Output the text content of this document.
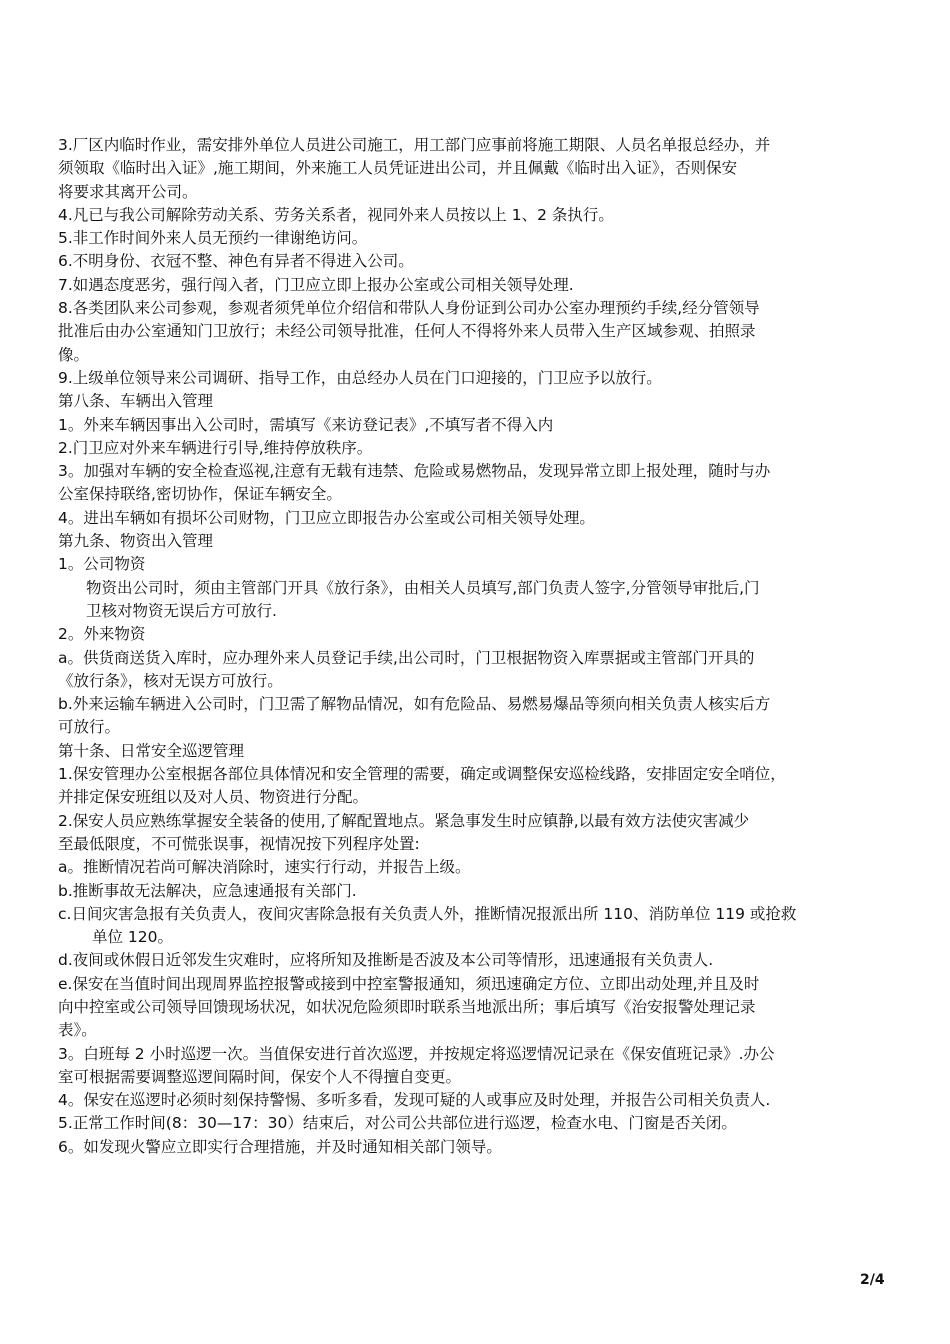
3.厂区内临时作业，需安排外单位人员进公司施工，用工部门应事前将施工期限、人员名单报总经办，并
须领取《临时出入证》,施工期间，外来施工人员凭证进出公司，并且佩戴《临时出入证》，否则保安
将要求其离开公司。
4.凡已与我公司解除劳动关系、劳务关系者，视同外来人员按以上 1、2 条执行。
5.非工作时间外来人员无预约一律谢绝访问。
6.不明身份、衣冠不整、神色有异者不得进入公司。
7.如遇态度恶劣，强行闯入者，门卫应立即上报办公室或公司相关领导处理.
8.各类团队来公司参观，参观者须凭单位介绍信和带队人身份证到公司办公室办理预约手续,经分管领导
批准后由办公室通知门卫放行；未经公司领导批准，任何人不得将外来人员带入生产区域参观、拍照录
像。
9.上级单位领导来公司调研、指导工作，由总经办人员在门口迎接的，门卫应予以放行。
第八条、车辆出入管理
1。外来车辆因事出入公司时，需填写《来访登记表》,不填写者不得入内
2.门卫应对外来车辆进行引导,维持停放秩序。
3。加强对车辆的安全检查巡视,注意有无载有违禁、危险或易燃物品，发现异常立即上报处理，随时与办
公室保持联络,密切协作，保证车辆安全。
4。进出车辆如有损坏公司财物，门卫应立即报告办公室或公司相关领导处理。
第九条、物资出入管理
1。公司物资
物资出公司时，须由主管部门开具《放行条》，由相关人员填写,部门负责人签字,分管领导审批后,门
卫核对物资无误后方可放行.
2。外来物资
a。供货商送货入库时，应办理外来人员登记手续,出公司时，门卫根据物资入库票据或主管部门开具的
《放行条》，核对无误方可放行。
b.外来运输车辆进入公司时，门卫需了解物品情况，如有危险品、易燃易爆品等须向相关负责人核实后方
可放行。
第十条、日常安全巡逻管理
1.保安管理办公室根据各部位具体情况和安全管理的需要，确定或调整保安巡检线路，安排固定安全哨位，
并排定保安班组以及对人员、物资进行分配。
2.保安人员应熟练掌握安全装备的使用,了解配置地点。紧急事发生时应镇静,以最有效方法使灾害减少
至最低限度，不可慌张误事，视情况按下列程序处置:
a。推断情况若尚可解决消除时，速实行行动，并报告上级。
b.推断事故无法解决，应急速通报有关部门.
c.日间灾害急报有关负责人，夜间灾害除急报有关负责人外，推断情况报派出所 110、消防单位 119 或抢救
单位 120。
d.夜间或休假日近邻发生灾难时，应将所知及推断是否波及本公司等情形，迅速通报有关负责人.
e.保安在当值时间出现周界监控报警或接到中控室警报通知，须迅速确定方位、立即出动处理,并且及时
向中控室或公司领导回馈现场状况，如状况危险须即时联系当地派出所；事后填写《治安报警处理记录
表》。
3。白班每 2 小时巡逻一次。当值保安进行首次巡逻，并按规定将巡逻情况记录在《保安值班记录》.办公
室可根据需要调整巡逻间隔时间，保安个人不得擅自变更。
4。保安在巡逻时必须时刻保持警惕、多听多看，发现可疑的人或事应及时处理，并报告公司相关负责人.
5.正常工作时间(8：30—17：30）结束后，对公司公共部位进行巡逻，检查水电、门窗是否关闭。
6。如发现火警应立即实行合理措施，并及时通知相关部门领导。
2/4
